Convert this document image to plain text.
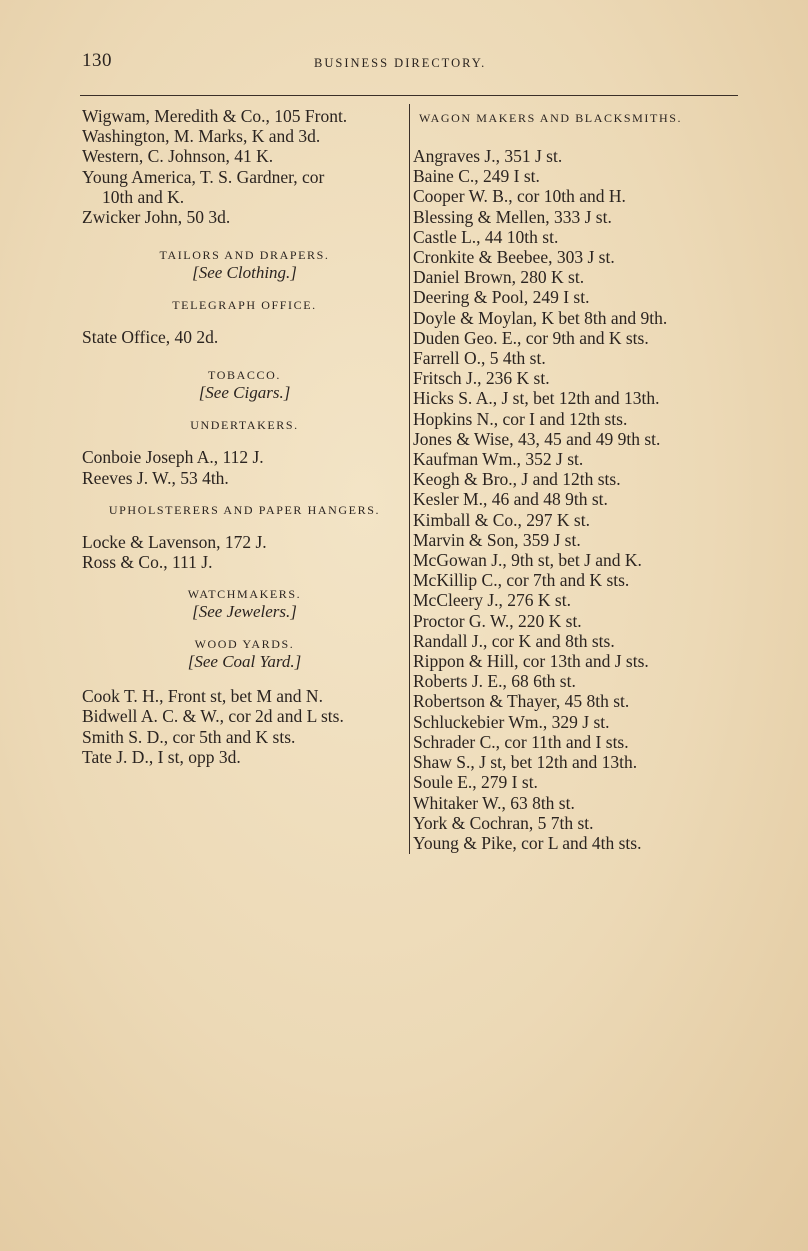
130	BUSINESS DIRECTORY.
Wigwam, Meredith & Co., 105 Front.
Washington, M. Marks, K and 3d.
Western, C. Johnson, 41 K.
Young America, T. S. Gardner, cor
10th and K.
Zwicker John, 50 3d.
TAILORS AND DRAPERS.
[See Clothing.]
TELEGRAPH OFFICE.
State Office, 40 2d.
TOBACCO.
[See Cigars.]
UNDERTAKERS.
Conboie Joseph A., 112 J.
Reeves J. W., 53 4th.
UPHOLSTERERS AND PAPER HANGERS.
Locke & Lavenson, 172 J.
Ross & Co., 111 J.
WATCHMAKERS.
[See Jewelers.]
WOOD YARDS.
[See Coal Yard.]
Cook T. H., Front st, bet M and N.
Bidwell A. C. & W., cor 2d and L sts.
Smith S. D., cor 5th and K sts.
Tate J. D., I st, opp 3d.
WAGON MAKERS AND BLACKSMITHS.
Angraves J., 351 J st.
Baine C., 249 I st.
Cooper W. B., cor 10th and H.
Blessing & Mellen, 333 J st.
Castle L., 44 10th st.
Cronkite & Beebee, 303 J st.
Daniel Brown, 280 K st.
Deering & Pool, 249 I st.
Doyle & Moylan, K bet 8th and 9th.
Duden Geo. E., cor 9th and K sts.
Farrell O., 5 4th st.
Fritsch J., 236 K st.
Hicks S. A., J st, bet 12th and 13th.
Hopkins N., cor I and 12th sts.
Jones & Wise, 43, 45 and 49 9th st.
Kaufman Wm., 352 J st.
Keogh & Bro., J and 12th sts.
Kesler M., 46 and 48 9th st.
Kimball & Co., 297 K st.
Marvin & Son, 359 J st.
McGowan J., 9th st, bet J and K.
McKillip C., cor 7th and K sts.
McCleery J., 276 K st.
Proctor G. W., 220 K st.
Randall J., cor K and 8th sts.
Rippon & Hill, cor 13th and J sts.
Roberts J. E., 68 6th st.
Robertson & Thayer, 45 8th st.
Schluckebier Wm., 329 J st.
Schrader C., cor 11th and I sts.
Shaw S., J st, bet 12th and 13th.
Soule E., 279 I st.
Whitaker W., 63 8th st.
York & Cochran, 5 7th st.
Young & Pike, cor L and 4th sts.
